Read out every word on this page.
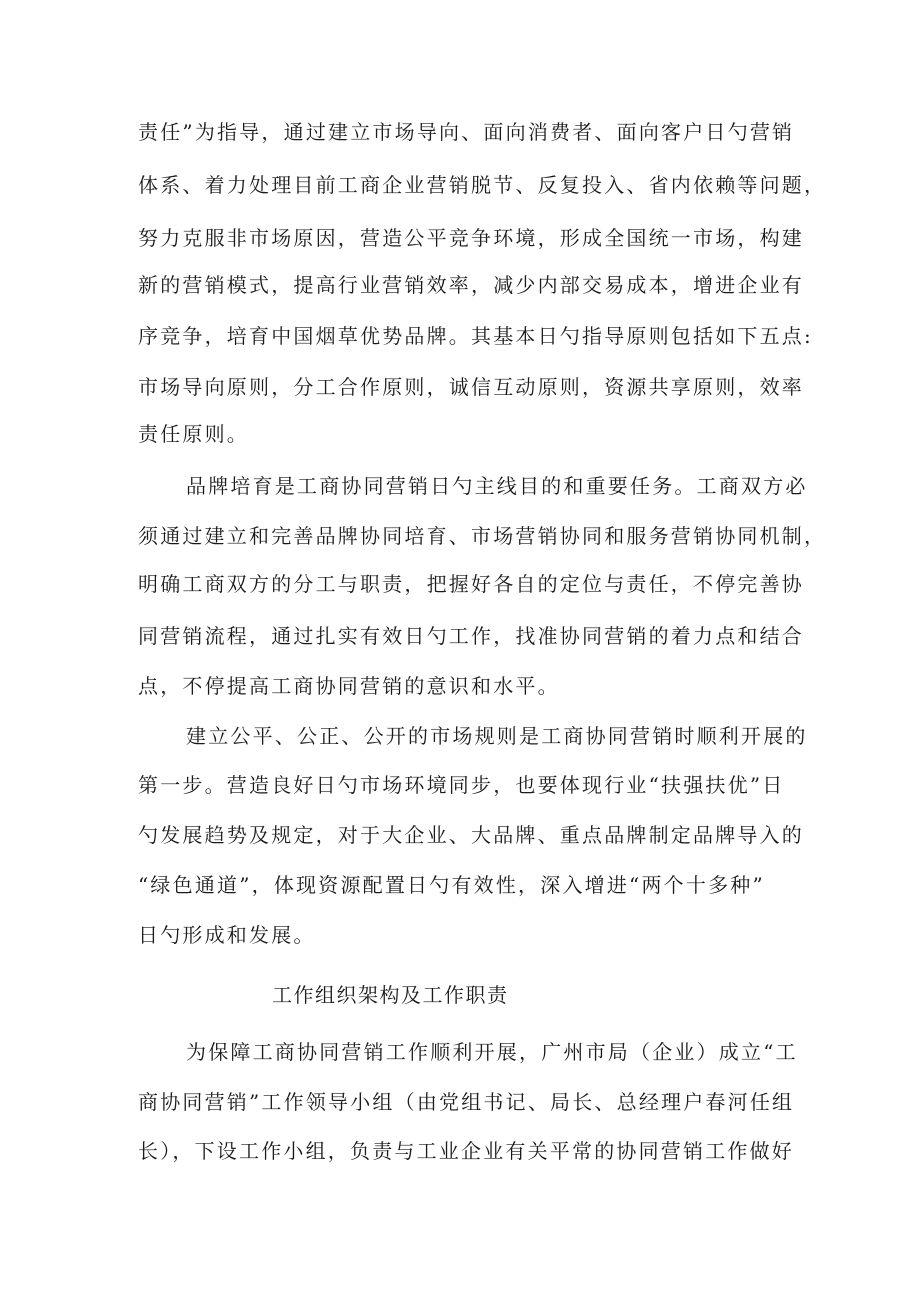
责任”为指导，通过建立市场导向、面向消费者、面向客户日勺营销
体系、着力处理目前工商企业营销脱节、反复投入、省内依赖等问题，
努力克服非市场原因，营造公平竞争环境，形成全国统一市场，构建
新的营销模式，提高行业营销效率，减少内部交易成本，增进企业有
序竞争，培育中国烟草优势品牌。其基本日勺指导原则包括如下五点:
市场导向原则，分工合作原则，诚信互动原则，资源共享原则，效率
责任原则。
品牌培育是工商协同营销日勺主线目的和重要任务。工商双方必
须通过建立和完善品牌协同培育、市场营销协同和服务营销协同机制，
明确工商双方的分工与职责，把握好各自的定位与责任，不停完善协
同营销流程，通过扎实有效日勺工作，找准协同营销的着力点和结合
点，不停提高工商协同营销的意识和水平。
建立公平、公正、公开的市场规则是工商协同营销时顺利开展的
第一步。营造良好日勺市场环境同步，也要体现行业“扶强扶优”日
勺发展趋势及规定，对于大企业、大品牌、重点品牌制定品牌导入的
“绿色通道”，体现资源配置日勺有效性，深入增进“两个十多种”
日勺形成和发展。
工作组织架构及工作职责
为保障工商协同营销工作顺利开展，广州市局（企业）成立“工
商协同营销”工作领导小组（由党组书记、局长、总经理户春河任组
长），下设工作小组，负责与工业企业有关平常的协同营销工作做好
